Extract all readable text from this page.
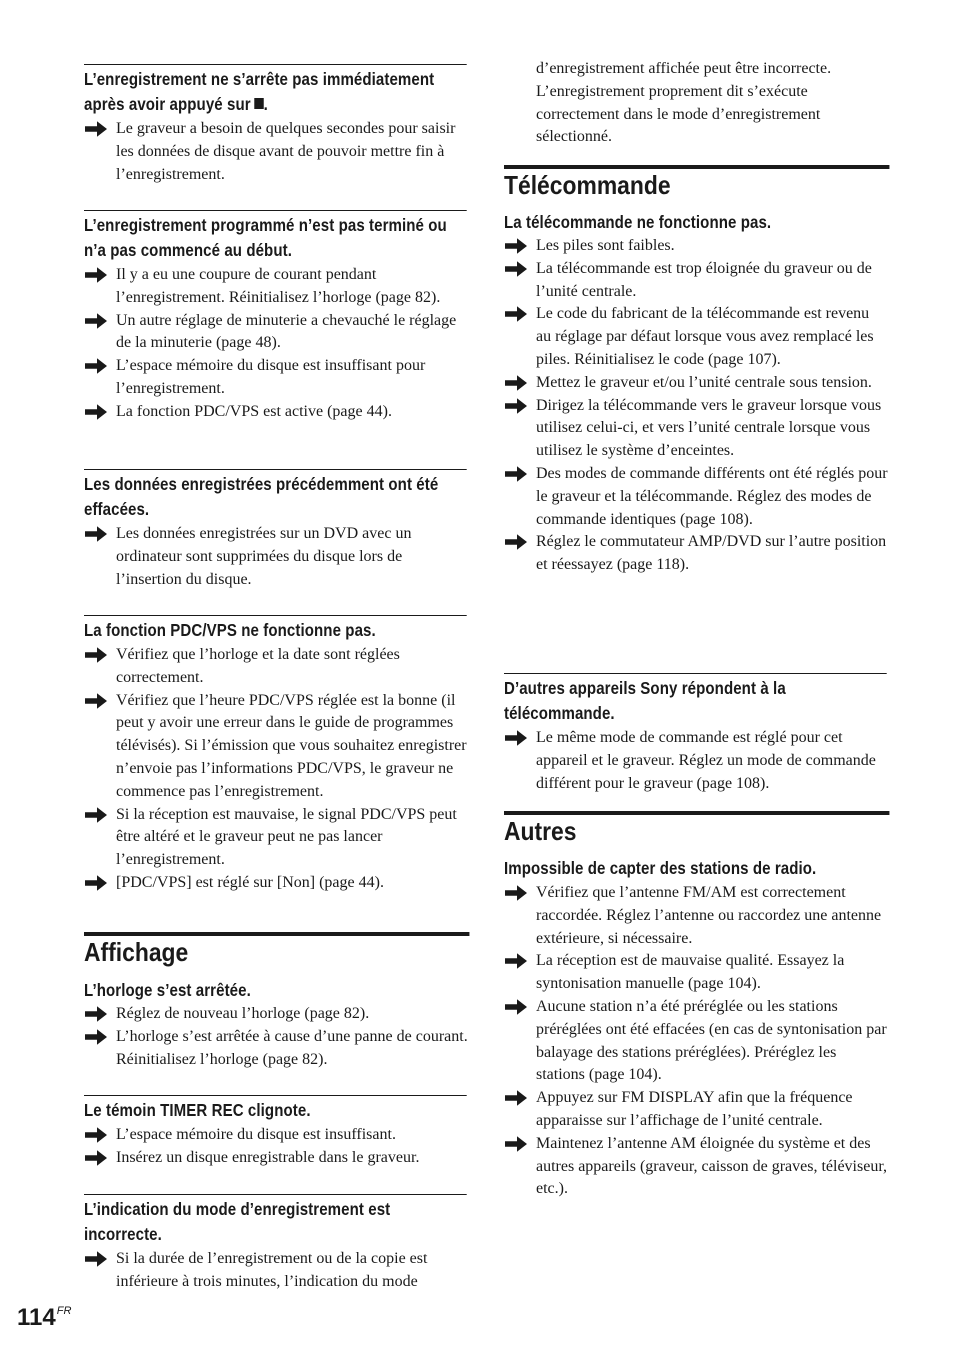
L’enregistrement ne s’arrête pas immédiatement après avoir appuyé sur .
Le graveur a besoin de quelques secondes pour saisir les données de disque avant de pouvoir mettre fin à l’enregistrement.
L’enregistrement programmé n’est pas terminé ou n’a pas commencé au début.
Il y a eu une coupure de courant pendant l’enregistrement. Réinitialisez l’horloge (page 82).
Un autre réglage de minuterie a chevauché le réglage de la minuterie (page 48).
L’espace mémoire du disque est insuffisant pour l’enregistrement.
La fonction PDC/VPS est active (page 44).
Les données enregistrées précédemment ont été effacées.
Les données enregistrées sur un DVD avec un ordinateur sont supprimées du disque lors de l’insertion du disque.
La fonction PDC/VPS ne fonctionne pas.
Vérifiez que l’horloge et la date sont réglées correctement.
Vérifiez que l’heure PDC/VPS réglée est la bonne (il peut y avoir une erreur dans le guide de programmes télévisés). Si l’émission que vous souhaitez enregistrer n’envoie pas l’informations PDC/VPS, le graveur ne commence pas l’enregistrement.
Si la réception est mauvaise, le signal PDC/VPS peut être altéré et le graveur peut ne pas lancer l’enregistrement.
[PDC/VPS] est réglé sur [Non] (page 44).
Affichage
L’horloge s’est arrêtée.
Réglez de nouveau l’horloge (page 82).
L’horloge s’est arrêtée à cause d’une panne de courant. Réinitialisez l’horloge (page 82).
Le témoin TIMER REC clignote.
L’espace mémoire du disque est insuffisant.
Insérez un disque enregistrable dans le graveur.
L’indication du mode d’enregistrement est incorrecte.
Si la durée de l’enregistrement ou de la copie est inférieure à trois minutes, l’indication du mode
d’enregistrement affichée peut être incorrecte. L’enregistrement proprement dit s’exécute correctement dans le mode d’enregistrement sélectionné.
Télécommande
La télécommande ne fonctionne pas.
Les piles sont faibles.
La télécommande est trop éloignée du graveur ou de l’unité centrale.
Le code du fabricant de la télécommande est revenu au réglage par défaut lorsque vous avez remplacé les piles. Réinitialisez le code (page 107).
Mettez le graveur et/ou l’unité centrale sous tension.
Dirigez la télécommande vers le graveur lorsque vous utilisez celui-ci, et vers l’unité centrale lorsque vous utilisez le système d’enceintes.
Des modes de commande différents ont été réglés pour le graveur et la télécommande. Réglez des modes de commande identiques (page 108).
Réglez le commutateur AMP/DVD sur l’autre position et réessayez (page 118).
D’autres appareils Sony répondent à la télécommande.
Le même mode de commande est réglé pour cet appareil et le graveur. Réglez un mode de commande différent pour le graveur (page 108).
Autres
Impossible de capter des stations de radio.
Vérifiez que l’antenne FM/AM est correctement raccordée. Réglez l’antenne ou raccordez une antenne extérieure, si nécessaire.
La réception est de mauvaise qualité. Essayez la syntonisation manuelle (page 104).
Aucune station n’a été préréglée ou les stations préréglées ont été effacées (en cas de syntonisation par balayage des stations préréglées). Préréglez les stations (page 104).
Appuyez sur FM DISPLAY afin que la fréquence apparaisse sur l’affichage de l’unité centrale.
Maintenez l’antenne AM éloignée du système et des autres appareils (graveur, caisson de graves, téléviseur, etc.).
$114^{FR}$
